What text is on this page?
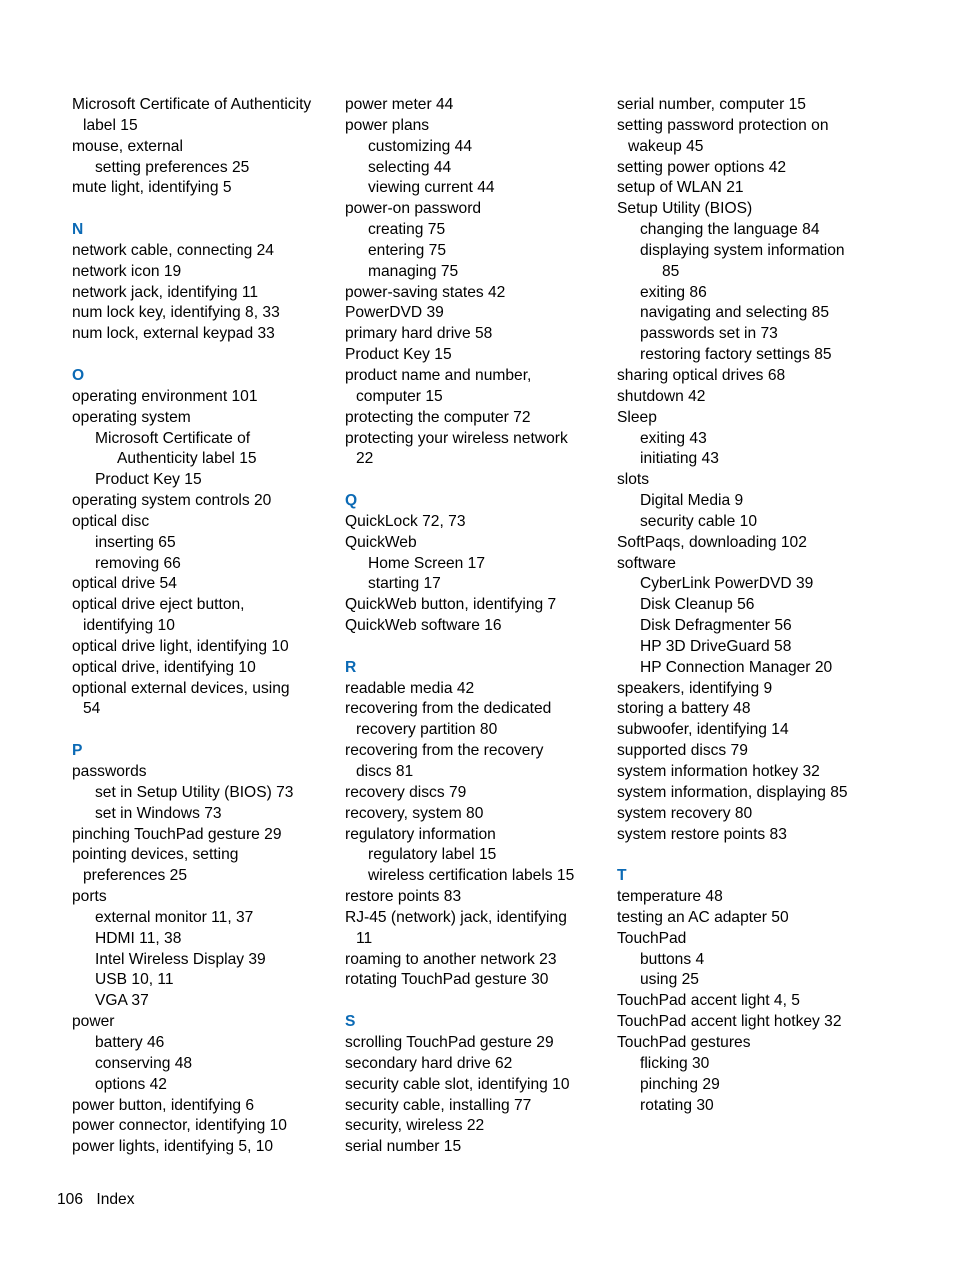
Microsoft Certificate of Authenticity
label 15
mouse, external
setting preferences 25
mute light, identifying 5
N
network cable, connecting 24
network icon 19
network jack, identifying 11
num lock key, identifying 8, 33
num lock, external keypad 33
O
operating environment 101
operating system
Microsoft Certificate of
Authenticity label 15
Product Key 15
operating system controls 20
optical disc
inserting 65
removing 66
optical drive 54
optical drive eject button,
identifying 10
optical drive light, identifying 10
optical drive, identifying 10
optional external devices, using
54
P
passwords
set in Setup Utility (BIOS) 73
set in Windows 73
pinching TouchPad gesture 29
pointing devices, setting
preferences 25
ports
external monitor 11, 37
HDMI 11, 38
Intel Wireless Display 39
USB 10, 11
VGA 37
power
battery 46
conserving 48
options 42
power button, identifying 6
power connector, identifying 10
power lights, identifying 5, 10
power meter 44
power plans
customizing 44
selecting 44
viewing current 44
power-on password
creating 75
entering 75
managing 75
power-saving states 42
PowerDVD 39
primary hard drive 58
Product Key 15
product name and number,
computer 15
protecting the computer 72
protecting your wireless network
22
Q
QuickLock 72, 73
QuickWeb
Home Screen 17
starting 17
QuickWeb button, identifying 7
QuickWeb software 16
R
readable media 42
recovering from the dedicated
recovery partition 80
recovering from the recovery
discs 81
recovery discs 79
recovery, system 80
regulatory information
regulatory label 15
wireless certification labels 15
restore points 83
RJ-45 (network) jack, identifying
11
roaming to another network 23
rotating TouchPad gesture 30
S
scrolling TouchPad gesture 29
secondary hard drive 62
security cable slot, identifying 10
security cable, installing 77
security, wireless 22
serial number 15
serial number, computer 15
setting password protection on
wakeup 45
setting power options 42
setup of WLAN 21
Setup Utility (BIOS)
changing the language 84
displaying system information
85
exiting 86
navigating and selecting 85
passwords set in 73
restoring factory settings 85
sharing optical drives 68
shutdown 42
Sleep
exiting 43
initiating 43
slots
Digital Media 9
security cable 10
SoftPaqs, downloading 102
software
CyberLink PowerDVD 39
Disk Cleanup 56
Disk Defragmenter 56
HP 3D DriveGuard 58
HP Connection Manager 20
speakers, identifying 9
storing a battery 48
subwoofer, identifying 14
supported discs 79
system information hotkey 32
system information, displaying 85
system recovery 80
system restore points 83
T
temperature 48
testing an AC adapter 50
TouchPad
buttons 4
using 25
TouchPad accent light 4, 5
TouchPad accent light hotkey 32
TouchPad gestures
flicking 30
pinching 29
rotating 30
106 Index
